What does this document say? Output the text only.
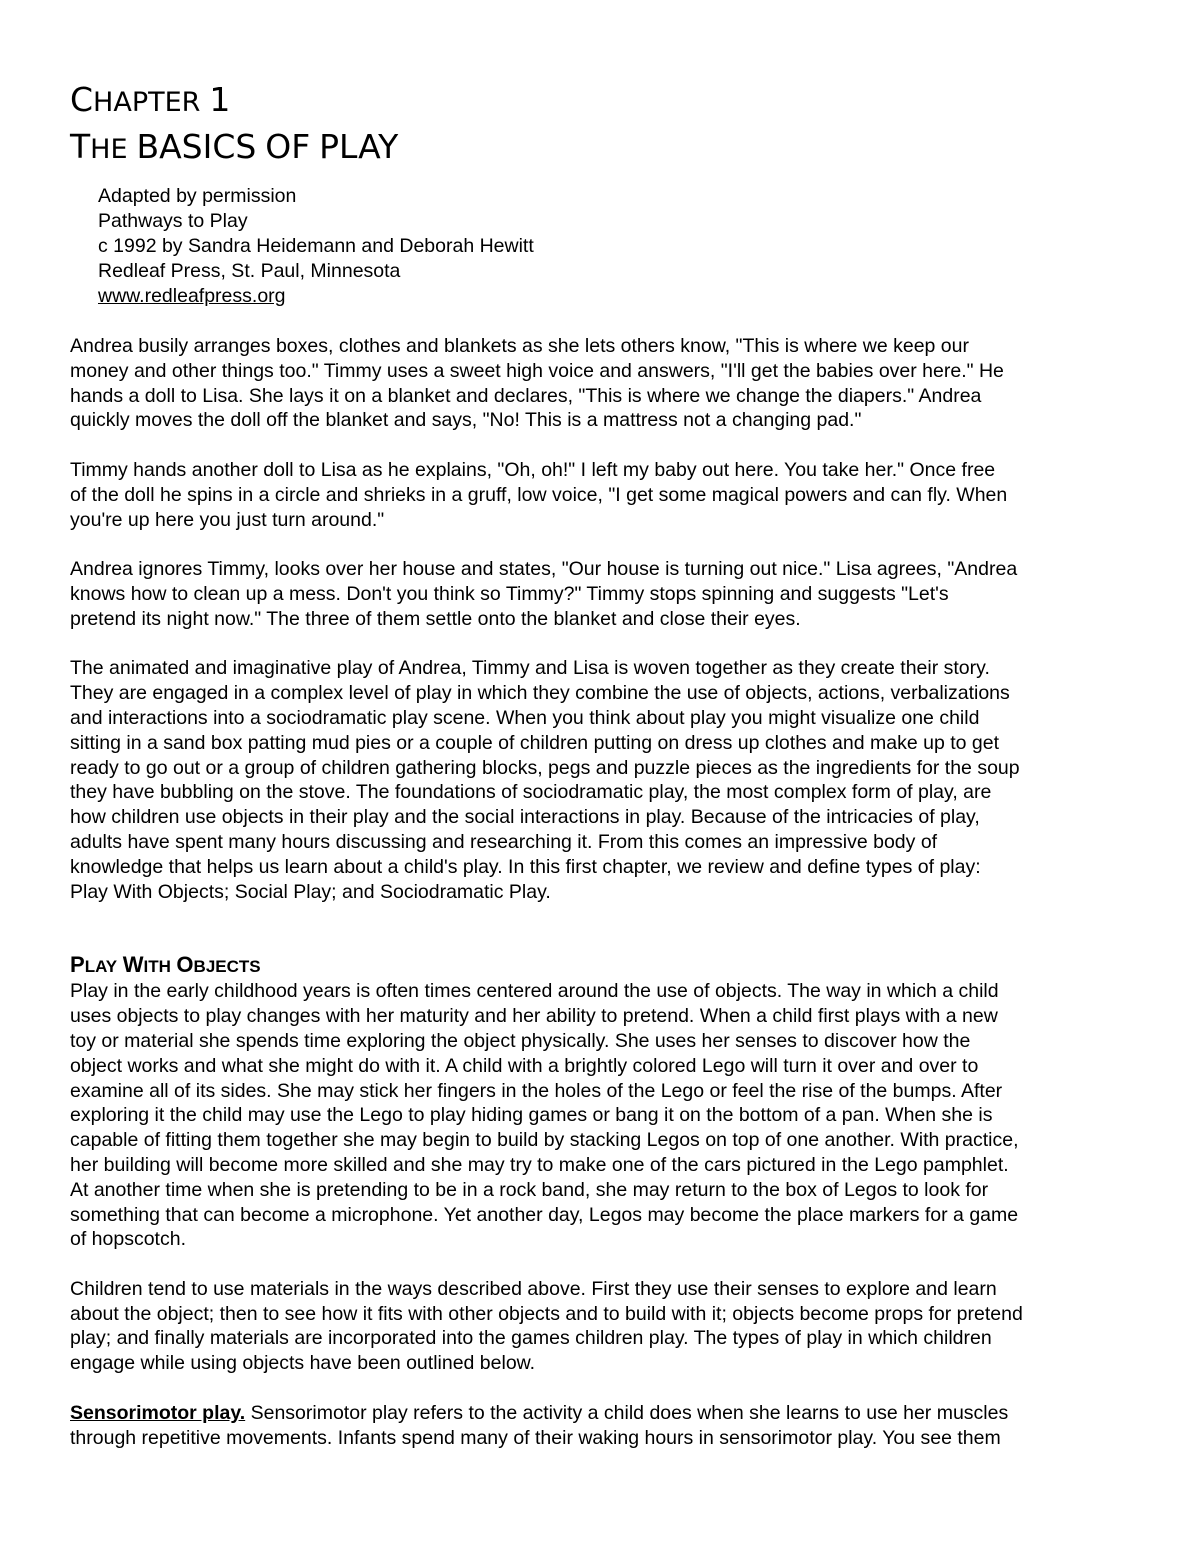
CHAPTER 1
THE BASICS OF PLAY
Adapted by permission
Pathways to Play
c 1992 by Sandra Heidemann and Deborah Hewitt
Redleaf Press, St. Paul, Minnesota
www.redleafpress.org
Andrea busily arranges boxes, clothes and blankets as she lets others know, "This is where we keep our
money and other things too." Timmy uses a sweet high voice and answers, "I'll get the babies over here." He
hands a doll to Lisa. She lays it on a blanket and declares, "This is where we change the diapers." Andrea
quickly moves the doll off the blanket and says, "No! This is a mattress not a changing pad."
Timmy hands another doll to Lisa as he explains, "Oh, oh!" I left my baby out here. You take her." Once free
of the doll he spins in a circle and shrieks in a gruff, low voice, "I get some magical powers and can fly. When
you're up here you just turn around."
Andrea ignores Timmy, looks over her house and states, "Our house is turning out nice." Lisa agrees, "Andrea
knows how to clean up a mess. Don't you think so Timmy?" Timmy stops spinning and suggests "Let's
pretend its night now." The three of them settle onto the blanket and close their eyes.
The animated and imaginative play of Andrea, Timmy and Lisa is woven together as they create their story.
They are engaged in a complex level of play in which they combine the use of objects, actions, verbalizations
and interactions into a sociodramatic play scene. When you think about play you might visualize one child
sitting in a sand box patting mud pies or a couple of children putting on dress up clothes and make up to get
ready to go out or a group of children gathering blocks, pegs and puzzle pieces as the ingredients for the soup
they have bubbling on the stove. The foundations of sociodramatic play, the most complex form of play, are
how children use objects in their play and the social interactions in play. Because of the intricacies of play,
adults have spent many hours discussing and researching it. From this comes an impressive body of
knowledge that helps us learn about a child's play. In this first chapter, we review and define types of play:
Play With Objects; Social Play; and Sociodramatic Play.
PLAY WITH OBJECTS
Play in the early childhood years is often times centered around the use of objects. The way in which a child
uses objects to play changes with her maturity and her ability to pretend. When a child first plays with a new
toy or material she spends time exploring the object physically. She uses her senses to discover how the
object works and what she might do with it. A child with a brightly colored Lego will turn it over and over to
examine all of its sides. She may stick her fingers in the holes of the Lego or feel the rise of the bumps. After
exploring it the child may use the Lego to play hiding games or bang it on the bottom of a pan. When she is
capable of fitting them together she may begin to build by stacking Legos on top of one another. With practice,
her building will become more skilled and she may try to make one of the cars pictured in the Lego pamphlet.
At another time when she is pretending to be in a rock band, she may return to the box of Legos to look for
something that can become a microphone. Yet another day, Legos may become the place markers for a game
of hopscotch.
Children tend to use materials in the ways described above. First they use their senses to explore and learn
about the object; then to see how it fits with other objects and to build with it; objects become props for pretend
play; and finally materials are incorporated into the games children play. The types of play in which children
engage while using objects have been outlined below.
Sensorimotor play. Sensorimotor play refers to the activity a child does when she learns to use her muscles
through repetitive movements. Infants spend many of their waking hours in sensorimotor play. You see them
